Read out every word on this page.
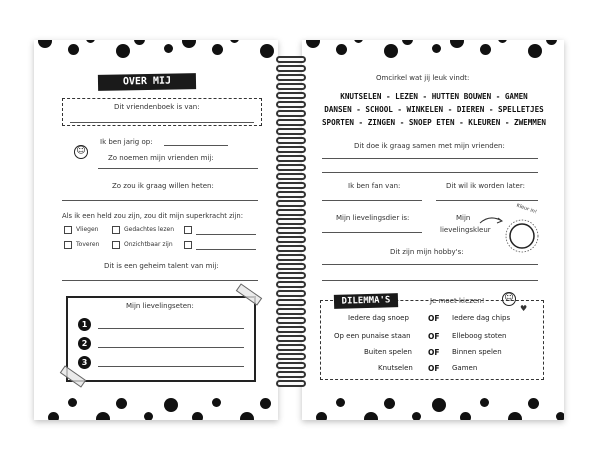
OVER MIJ
Dit vriendenboek is van:
☺
Ik ben jarig op:
Zo noemen mijn vrienden mij:
Zo zou ik graag willen heten:
Als ik een held zou zijn, zou dit mijn superkracht zijn:
Vliegen	Gedachtes lezen
Toveren	Onzichtbaar zijn
Dit is een geheim talent van mij:
Mijn lievelingseten:
1
2
3
Omcirkel wat jij leuk vindt:
KNUTSELEN - LEZEN - HUTTEN BOUWEN - GAMEN
DANSEN - SCHOOL - WINKELEN - DIEREN - SPELLETJES
SPORTEN - ZINGEN - SNOEP ETEN - KLEUREN - ZWEMMEN
Dit doe ik graag samen met mijn vrienden:
Ik ben fan van:	Dit wil ik worden later:
Mijn lievelingsdier is:	Mijn
lievelingskleur
Kleur in!
Dit zijn mijn hobby's:
DILEMMA'S	Je moet kiezen! ☺
♥
Iedere dag snoep	OF Iedere dag chips
Op een punaise staan OF Elleboog stoten
Buiten spelen OF Binnen spelen
Knutselen OF Gamen
